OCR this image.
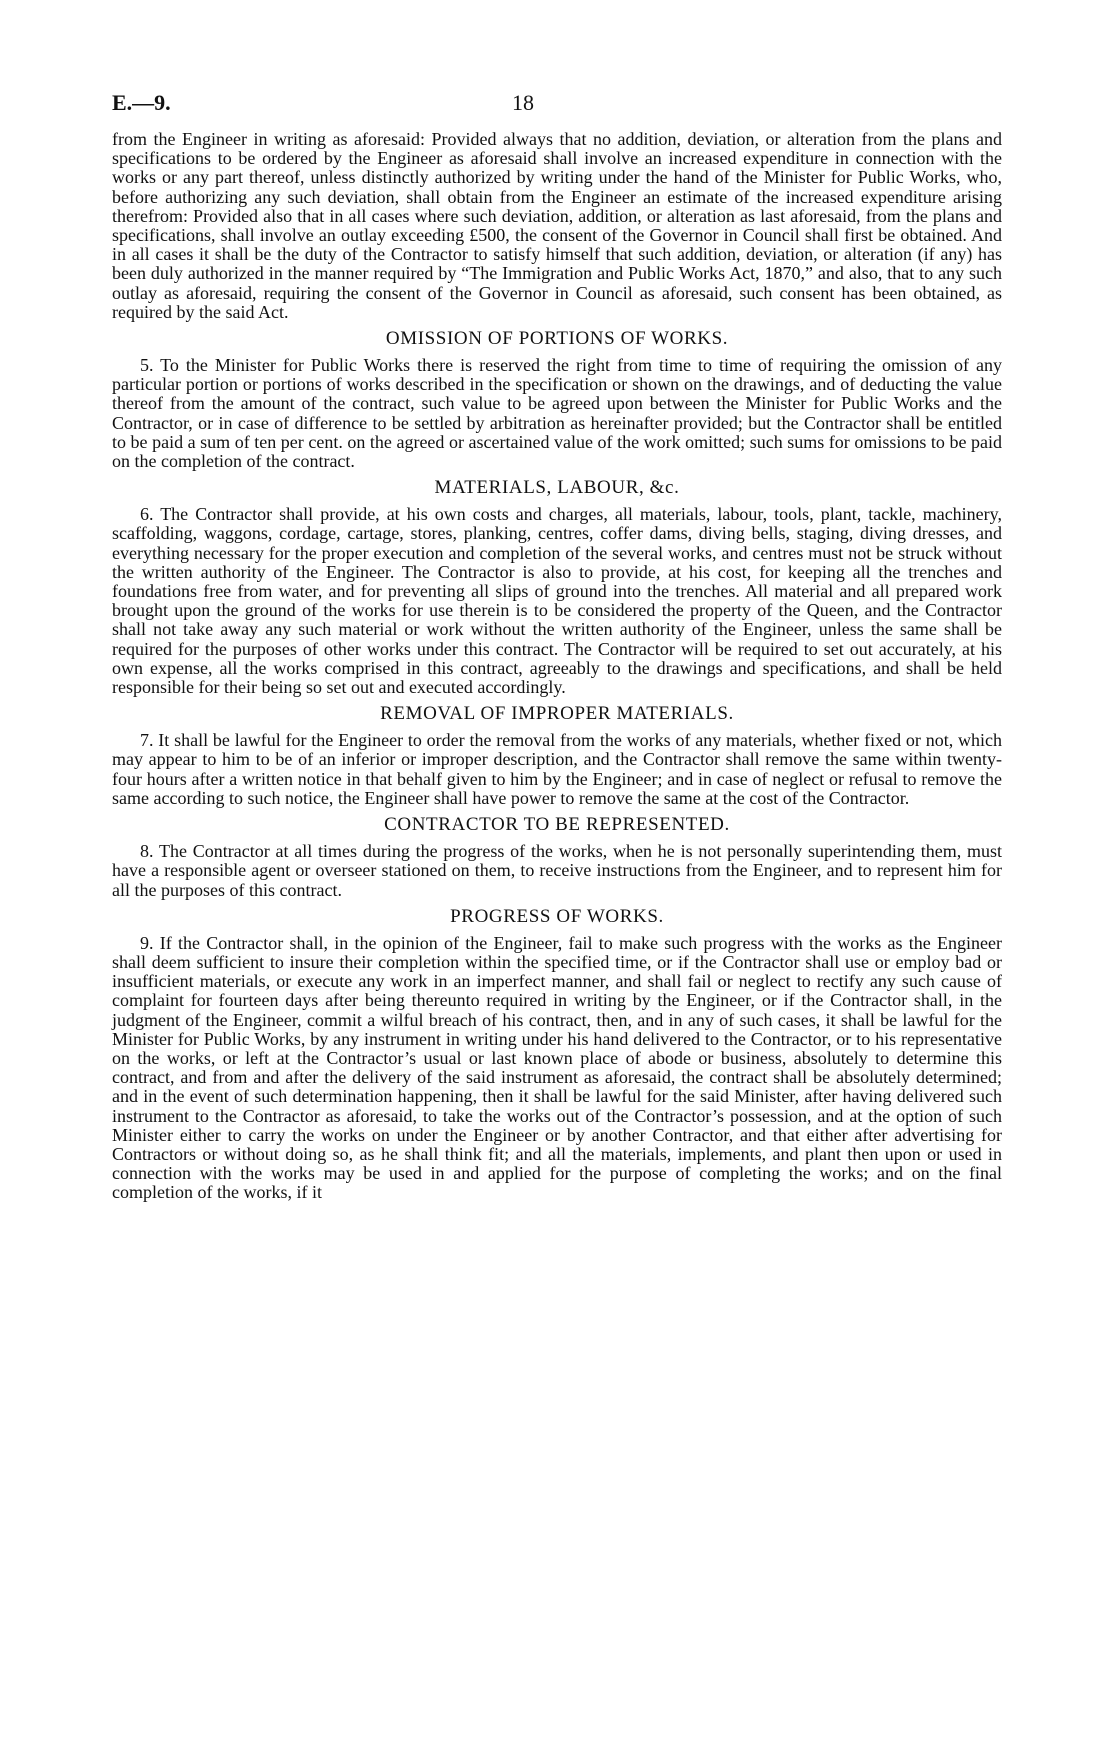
E.—9.	18

from the Engineer in writing as aforesaid: Provided always that no addition, deviation, or alteration from the plans and specifications to be ordered by the Engineer as aforesaid shall involve an increased expenditure in connection with the works or any part thereof, unless distinctly authorized by writing under the hand of the Minister for Public Works, who, before authorizing any such deviation, shall obtain from the Engineer an estimate of the increased expenditure arising therefrom: Provided also that in all cases where such deviation, addition, or alteration as last aforesaid, from the plans and specifications, shall involve an outlay exceeding £500, the consent of the Governor in Council shall first be obtained. And in all cases it shall be the duty of the Contractor to satisfy himself that such addition, deviation, or alteration (if any) has been duly authorized in the manner required by “The Immigration and Public Works Act, 1870,” and also, that to any such outlay as aforesaid, requiring the consent of the Governor in Council as aforesaid, such consent has been obtained, as required by the said Act.

OMISSION OF PORTIONS OF WORKS.

5. To the Minister for Public Works there is reserved the right from time to time of requiring the omission of any particular portion or portions of works described in the specification or shown on the drawings, and of deducting the value thereof from the amount of the contract, such value to be agreed upon between the Minister for Public Works and the Contractor, or in case of difference to be settled by arbitration as hereinafter provided; but the Contractor shall be entitled to be paid a sum of ten per cent. on the agreed or ascertained value of the work omitted; such sums for omissions to be paid on the completion of the contract.

MATERIALS, LABOUR, &c.

6. The Contractor shall provide, at his own costs and charges, all materials, labour, tools, plant, tackle, machinery, scaffolding, waggons, cordage, cartage, stores, planking, centres, coffer dams, diving bells, staging, diving dresses, and everything necessary for the proper execution and completion of the several works, and centres must not be struck without the written authority of the Engineer. The Contractor is also to provide, at his cost, for keeping all the trenches and foundations free from water, and for preventing all slips of ground into the trenches. All material and all prepared work brought upon the ground of the works for use therein is to be considered the property of the Queen, and the Contractor shall not take away any such material or work without the written authority of the Engineer, unless the same shall be required for the purposes of other works under this contract. The Contractor will be required to set out accurately, at his own expense, all the works comprised in this contract, agreeably to the drawings and specifications, and shall be held responsible for their being so set out and executed accordingly.

REMOVAL OF IMPROPER MATERIALS.

7. It shall be lawful for the Engineer to order the removal from the works of any materials, whether fixed or not, which may appear to him to be of an inferior or improper description, and the Contractor shall remove the same within twenty-four hours after a written notice in that behalf given to him by the Engineer; and in case of neglect or refusal to remove the same according to such notice, the Engineer shall have power to remove the same at the cost of the Contractor.

CONTRACTOR TO BE REPRESENTED.

8. The Contractor at all times during the progress of the works, when he is not personally superintending them, must have a responsible agent or overseer stationed on them, to receive instructions from the Engineer, and to represent him for all the purposes of this contract.

PROGRESS OF WORKS.

9. If the Contractor shall, in the opinion of the Engineer, fail to make such progress with the works as the Engineer shall deem sufficient to insure their completion within the specified time, or if the Contractor shall use or employ bad or insufficient materials, or execute any work in an imperfect manner, and shall fail or neglect to rectify any such cause of complaint for fourteen days after being thereunto required in writing by the Engineer, or if the Contractor shall, in the judgment of the Engineer, commit a wilful breach of his contract, then, and in any of such cases, it shall be lawful for the Minister for Public Works, by any instrument in writing under his hand delivered to the Contractor, or to his representative on the works, or left at the Contractor’s usual or last known place of abode or business, absolutely to determine this contract, and from and after the delivery of the said instrument as aforesaid, the contract shall be absolutely determined; and in the event of such determination happening, then it shall be lawful for the said Minister, after having delivered such instrument to the Contractor as aforesaid, to take the works out of the Contractor’s possession, and at the option of such Minister either to carry the works on under the Engineer or by another Contractor, and that either after advertising for Contractors or without doing so, as he shall think fit; and all the materials, implements, and plant then upon or used in connection with the works may be used in and applied for the purpose of completing the works; and on the final completion of the works, if it
